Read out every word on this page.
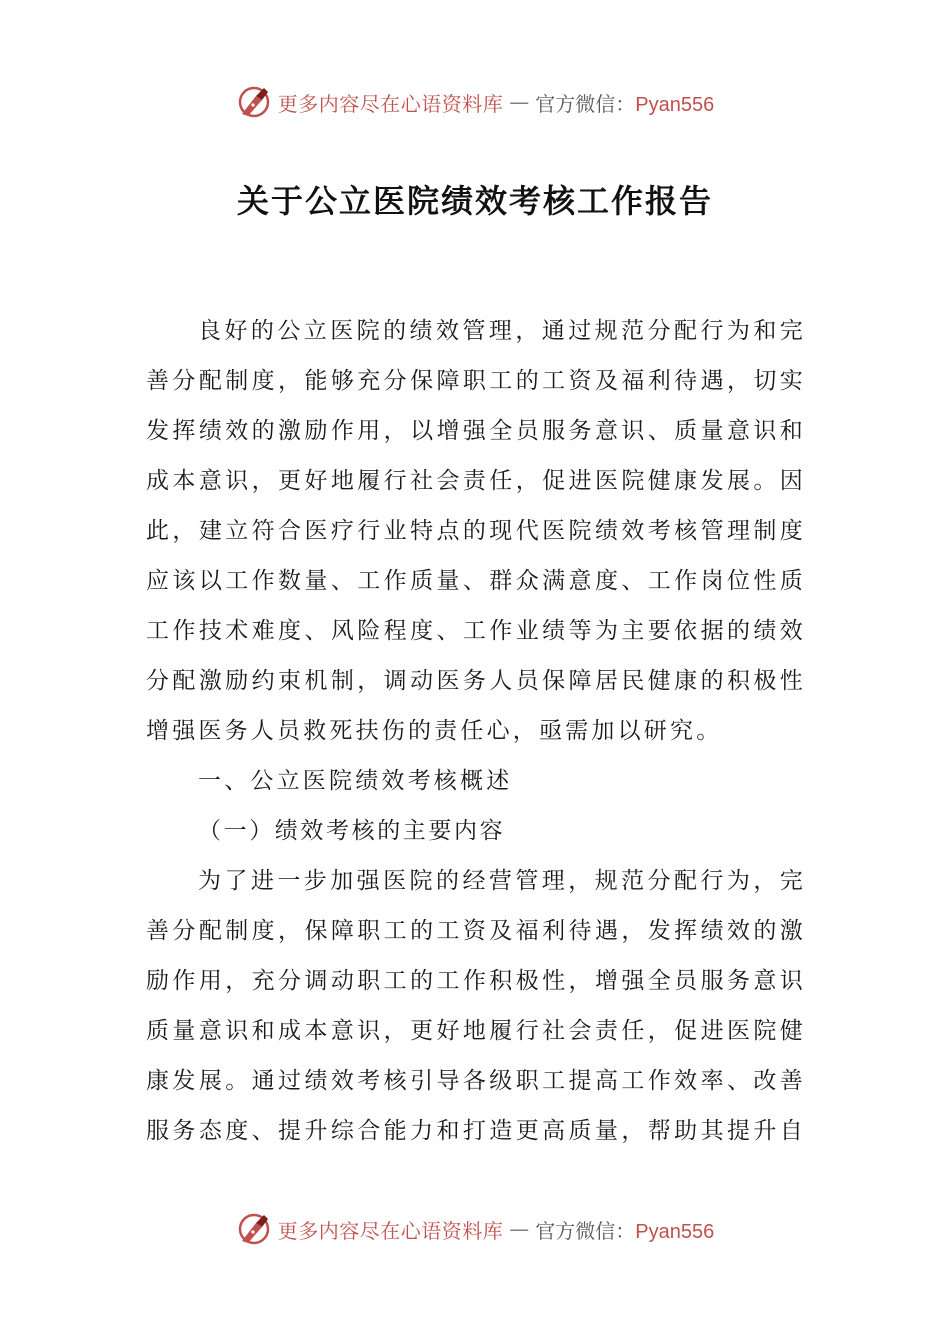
更多内容尽在心语资料库 — 官方微信：Pyan556
关于公立医院绩效考核工作报告
良好的公立医院的绩效管理，通过规范分配行为和完
善分配制度，能够充分保障职工的工资及福利待遇，切实
发挥绩效的激励作用，以增强全员服务意识、质量意识和
成本意识，更好地履行社会责任，促进医院健康发展。因
此，建立符合医疗行业特点的现代医院绩效考核管理制度
应该以工作数量、工作质量、群众满意度、工作岗位性质
工作技术难度、风险程度、工作业绩等为主要依据的绩效
分配激励约束机制，调动医务人员保障居民健康的积极性
增强医务人员救死扶伤的责任心，亟需加以研究。
一、公立医院绩效考核概述
（一）绩效考核的主要内容
为了进一步加强医院的经营管理，规范分配行为，完
善分配制度，保障职工的工资及福利待遇，发挥绩效的激
励作用，充分调动职工的工作积极性，增强全员服务意识
质量意识和成本意识，更好地履行社会责任，促进医院健
康发展。通过绩效考核引导各级职工提高工作效率、改善
服务态度、提升综合能力和打造更高质量，帮助其提升自
更多内容尽在心语资料库 — 官方微信：Pyan556
